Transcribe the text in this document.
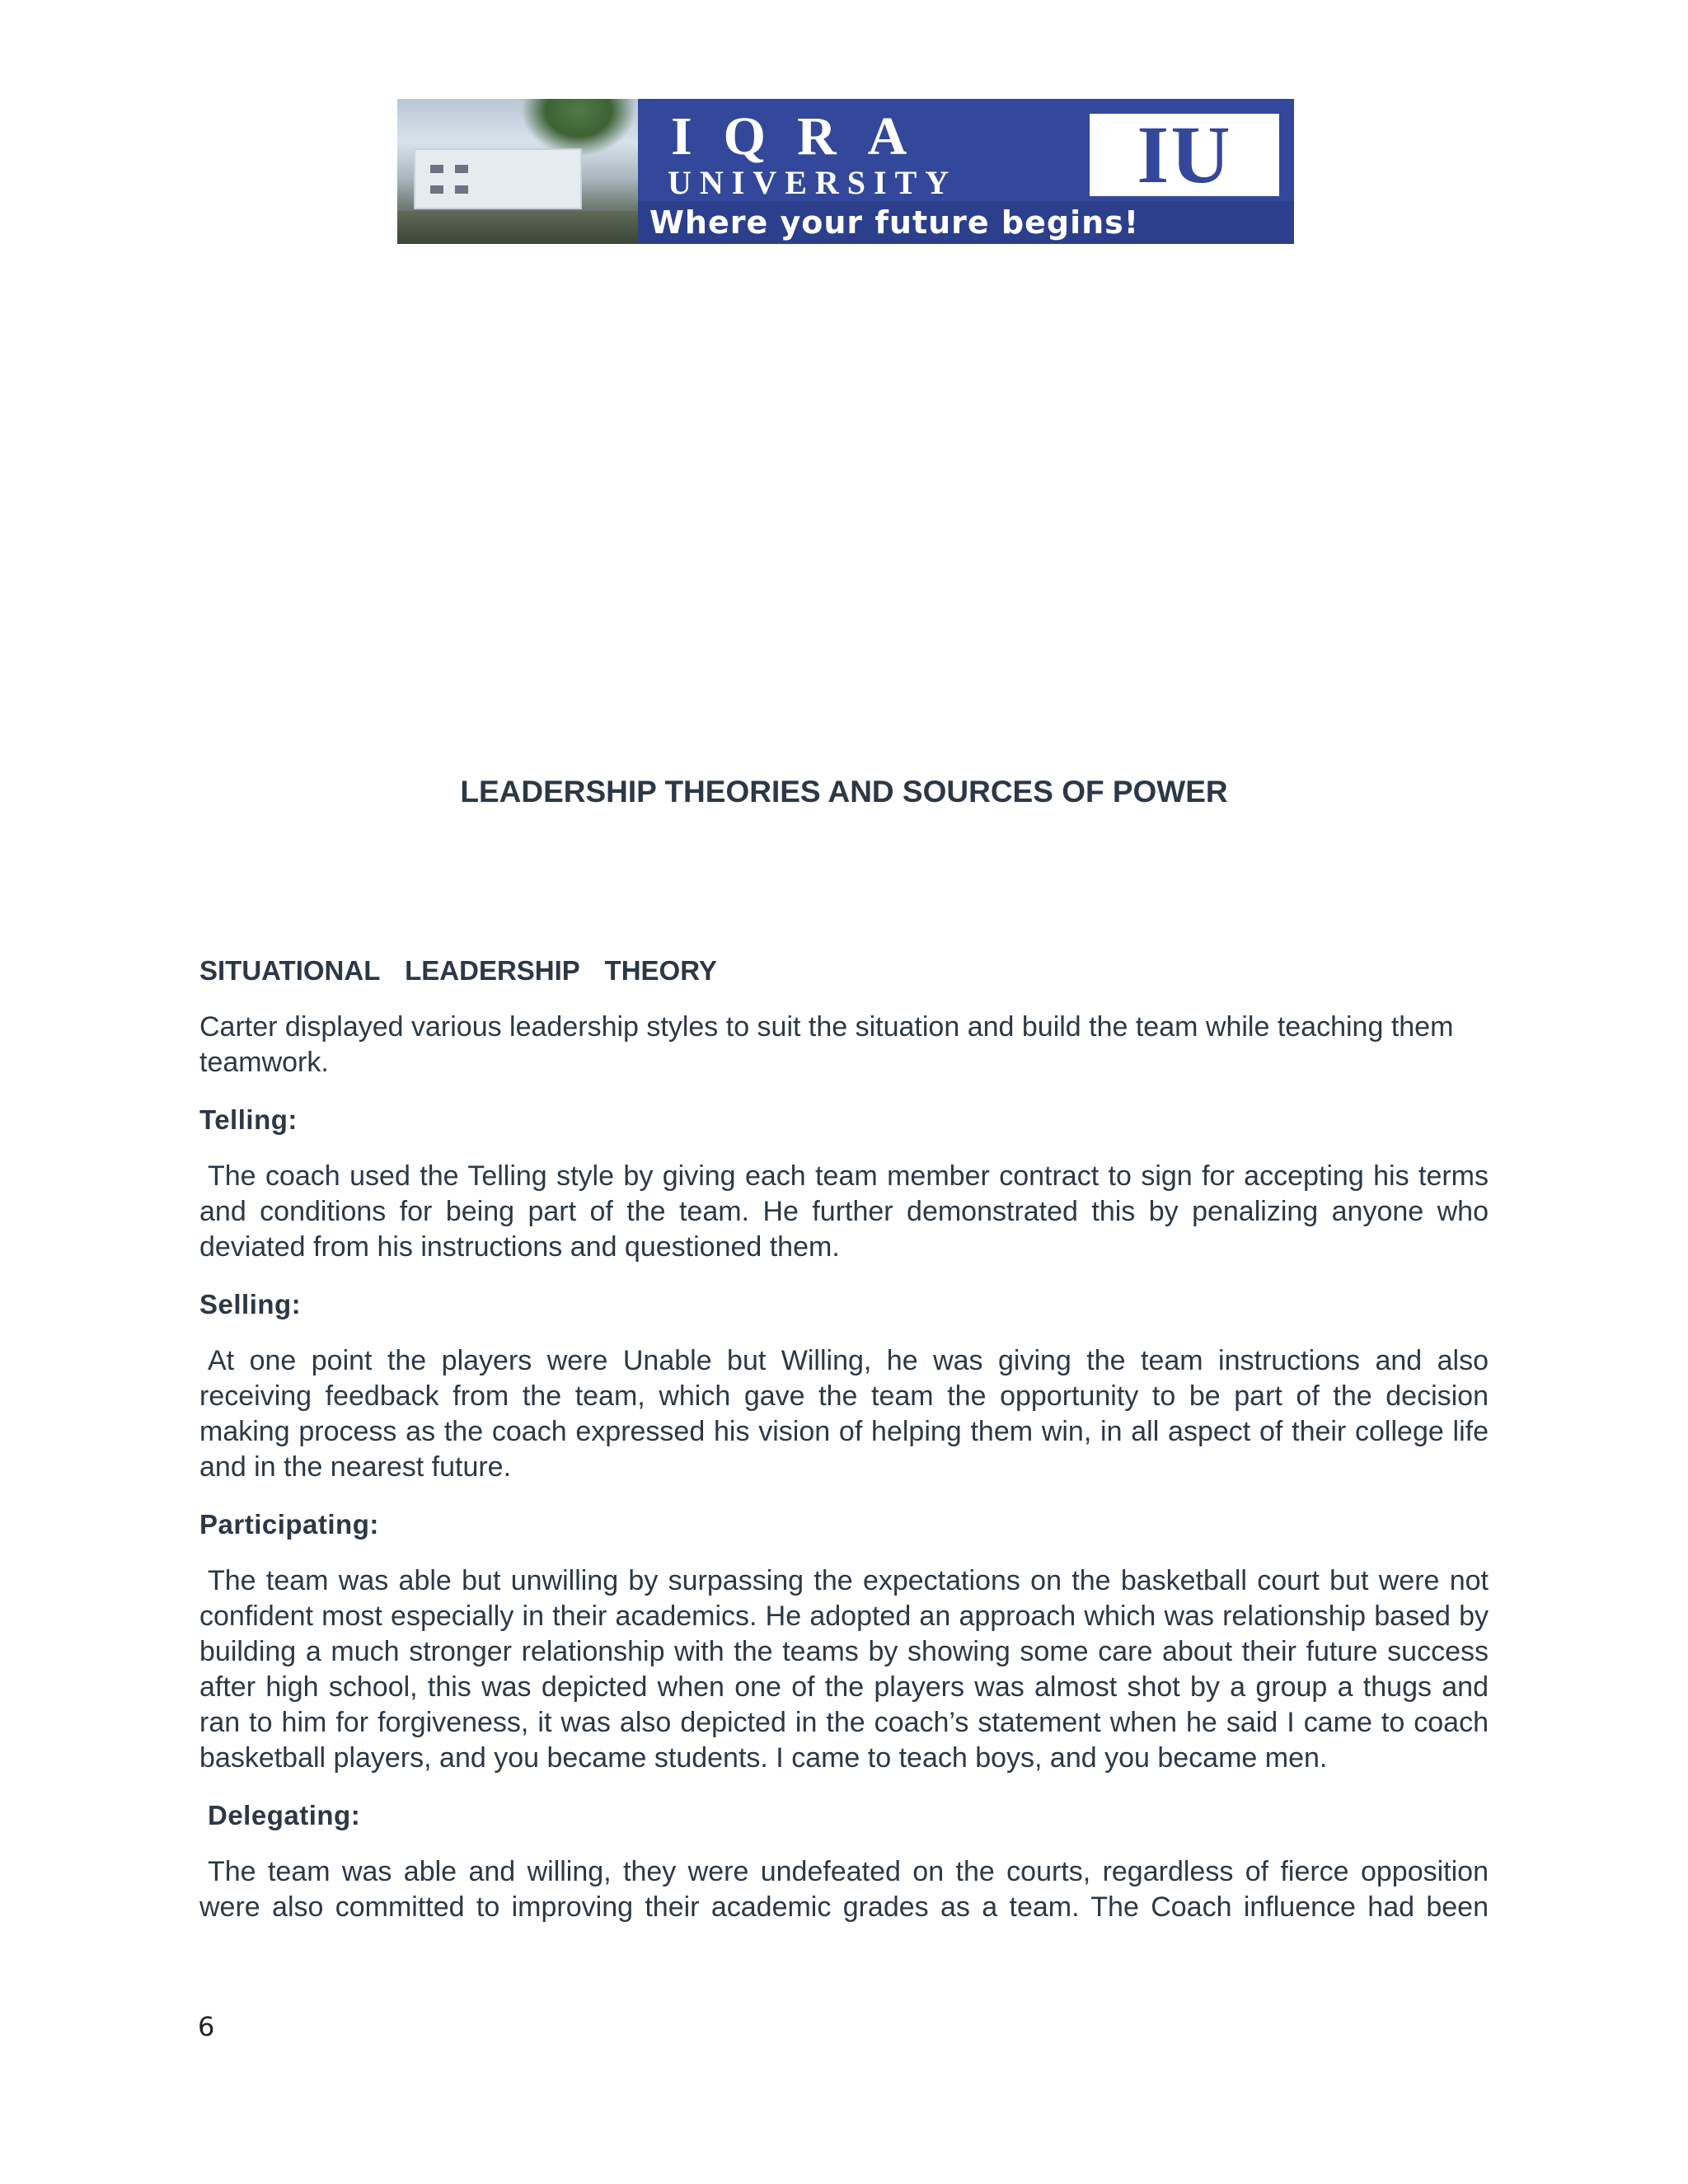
IQRA
UNIVERSITY	IU
Where your future begins!
LEADERSHIP THEORIES AND SOURCES OF POWER
SITUATIONAL  LEADERSHIP  THEORY

Carter displayed various leadership styles to suit the situation and build the team while teaching them teamwork.

Telling:

The coach used the Telling style by giving each team member contract to sign for accepting his terms and conditions for being part of the team. He further demonstrated this by penalizing anyone who deviated from his instructions and questioned them.

Selling:

At one point the players were Unable but Willing, he was giving the team instructions and also receiving feedback from the team, which gave the team the opportunity to be part of the decision making process as the coach expressed his vision of helping them win, in all aspect of their college life and in the nearest future.

Participating:

The team was able but unwilling by surpassing the expectations on the basketball court but were not confident most especially in their academics. He adopted an approach which was relationship based by building a much stronger relationship with the teams by showing some care about their future success after high school, this was depicted when one of the players was almost shot by a group a thugs and ran to him for forgiveness, it was also depicted in the coach’s statement when he said I came to coach basketball players, and you became students. I came to teach boys, and you became men.

Delegating:

The team was able and willing, they were undefeated on the courts, regardless of fierce opposition were also committed to improving their academic grades as a team. The Coach influence had been

6
